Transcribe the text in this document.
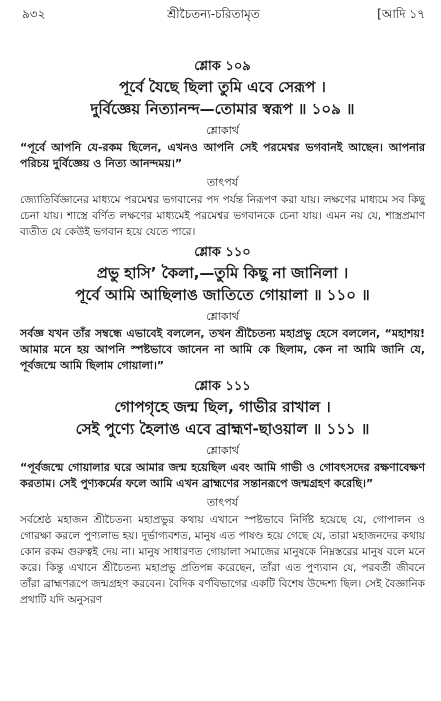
৯৩২	শ্রীচৈতন্য-চরিতামৃত	[আদি ১৭
শ্লোক ১০৯
পূর্বে যৈছে ছিলা তুমি এবে সেরূপ ।
দুর্বিজ্ঞেয় নিত্যানন্দ—তোমার স্বরূপ ॥ ১০৯ ॥
শ্লোকার্থ

“পূর্বে আপনি যে-রকম ছিলেন, এখনও আপনি সেই পরমেশ্বর ভগবানই আছেন। আপনার পরিচয় দুর্বিজ্ঞেয় ও নিত্য আনন্দময়।”

তাৎপর্য

জ্যোতির্বিজ্ঞানের মাধ্যমে পরমেশ্বর ভগবানের পদ পর্যন্ত নিরূপণ করা যায়। লক্ষণের মাধ্যমে সব কিছু চেনা যায়। শাস্ত্রে বর্ণিত লক্ষণের মাধ্যমেই পরমেশ্বর ভগবানকে চেনা যায়। এমন নয় যে, শাস্ত্রপ্রমাণ ব্যতীত যে কেউই ভগবান হয়ে যেতে পারে।

শ্লোক ১১০
প্রভু হাসি’ কৈলা,—তুমি কিছু না জানিলা ।
পূর্বে আমি আছিলাঙ জাতিতে গোয়ালা ॥ ১১০ ॥
শ্লোকার্থ

সর্বজ্ঞ যখন তাঁর সম্বন্ধে এভাবেই বললেন, তখন শ্রীচৈতন্য মহাপ্রভু হেসে বললেন, “মহাশয়! আমার মনে হয় আপনি স্পষ্টভাবে জানেন না আমি কে ছিলাম, কেন না আমি জানি যে, পূর্বজন্মে আমি ছিলাম গোয়ালা।”

শ্লোক ১১১
গোপগৃহে জন্ম ছিল, গাভীর রাখাল ।
সেই পুণ্যে হৈলাঙ এবে ব্রাহ্মণ-ছাওয়াল ॥ ১১১ ॥
শ্লোকার্থ

“পূর্বজন্মে গোয়ালার ঘরে আমার জন্ম হয়েছিল এবং আমি গাভী ও গোবৎসদের রক্ষণাবেক্ষণ করতাম। সেই পুণ্যকর্মের ফলে আমি এখন ব্রাহ্মণের সন্তানরূপে জন্মগ্রহণ করেছি।”

তাৎপর্য

সর্বশ্রেষ্ঠ মহাজন শ্রীচৈতন্য মহাপ্রভুর কথায় এখানে স্পষ্টভাবে নির্দিষ্ট হয়েছে যে, গোপালন ও গোরক্ষা করলে পুণ্যলাভ হয়। দুর্ভাগ্যবশত, মানুষ এত পাষণ্ড হয়ে গেছে যে, তারা মহাজনদের কথায় কোন রকম গুরুত্বই দেয় না। মানুষ সাধারণত গোয়ালা সমাজের মানুষকে নিম্নস্তরের মানুষ বলে মনে করে। কিন্তু এখানে শ্রীচৈতন্য মহাপ্রভু প্রতিপন্ন করেছেন, তাঁরা এত পুণ্যবান যে, পরবর্তী জীবনে তাঁরা ব্রাহ্মণরূপে জন্মগ্রহণ করবেন। বৈদিক বর্ণবিভাগের একটি বিশেষ উদ্দেশ্য ছিল। সেই বৈজ্ঞানিক প্রথাটি যদি অনুসরণ
